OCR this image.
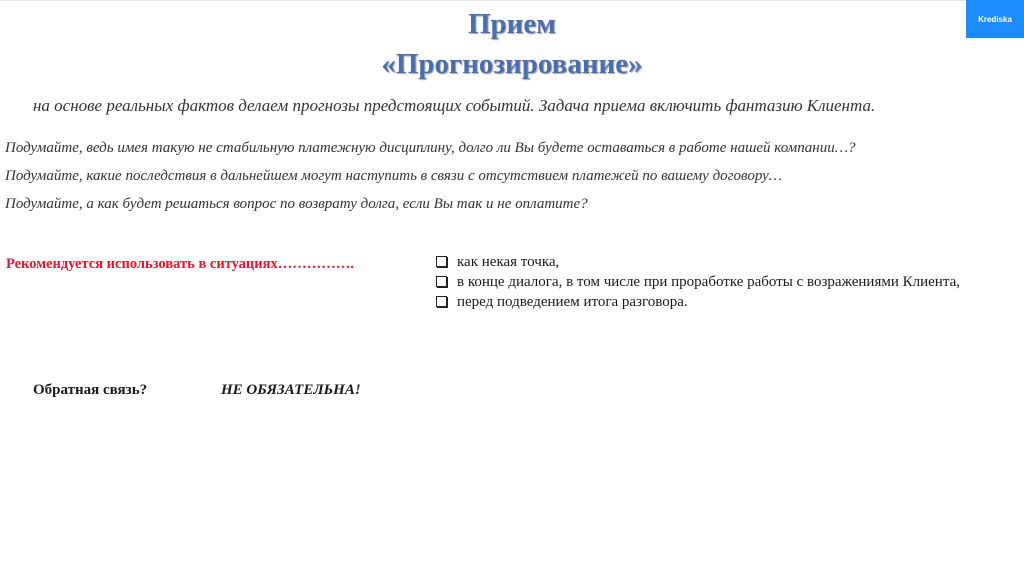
Прием
«Прогнозирование»
Krediska
на основе реальных фактов делаем прогнозы предстоящих событий. Задача приема включить фантазию Клиента.
Подумайте, ведь имея такую не стабильную платежную дисциплину, долго ли Вы будете оставаться в работе нашей компании…?
Подумайте, какие последствия в дальнейшем могут наступить в связи с отсутствием платежей по вашему договору…
Подумайте, а как будет решаться вопрос по возврату долга, если Вы так и не оплатите?
Рекомендуется использовать в ситуациях…………….	как некая точка,
в конце диалога, в том числе при проработке работы с возражениями Клиента,
перед подведением итога разговора.
Обратная связь?	НЕ ОБЯЗАТЕЛЬНА!
